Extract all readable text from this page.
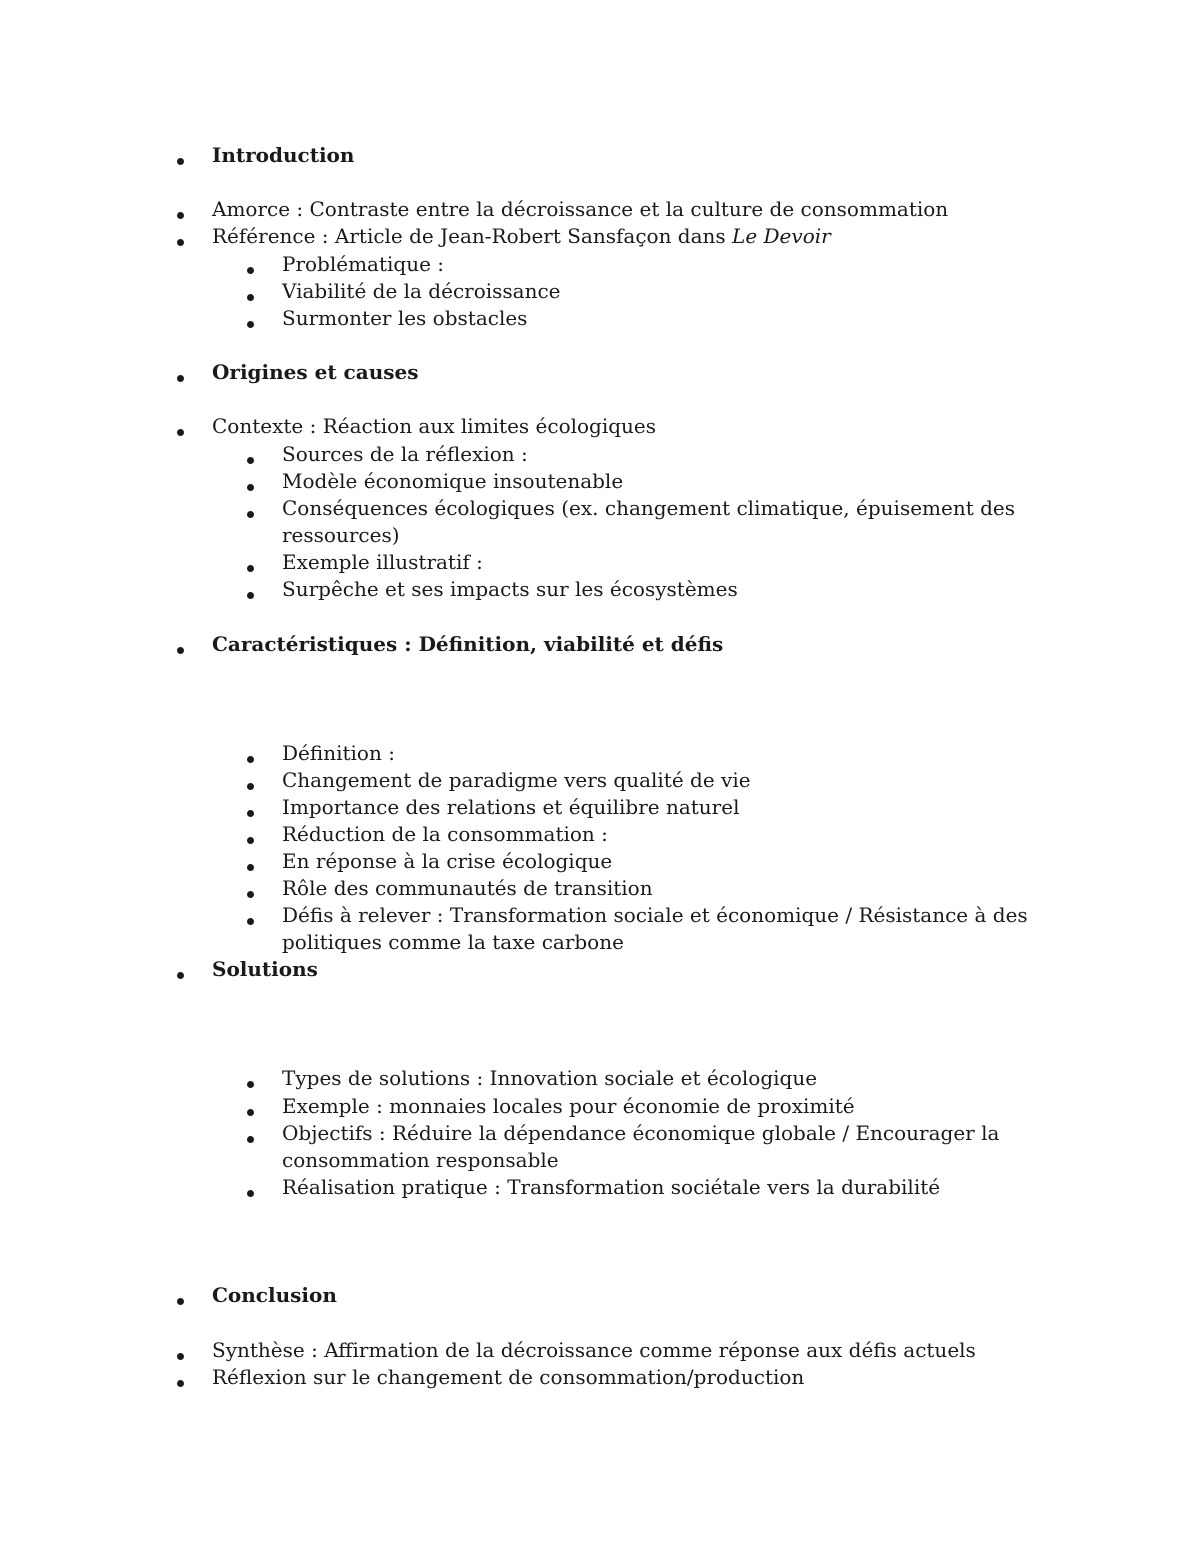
Introduction
Amorce : Contraste entre la décroissance et la culture de consommation
Référence : Article de Jean-Robert Sansfaçon dans Le Devoir
Problématique :
Viabilité de la décroissance
Surmonter les obstacles
Origines et causes
Contexte : Réaction aux limites écologiques
Sources de la réflexion :
Modèle économique insoutenable
Conséquences écologiques (ex. changement climatique, épuisement des
ressources)
Exemple illustratif :
Surpêche et ses impacts sur les écosystèmes
Caractéristiques : Définition, viabilité et défis
Définition :
Changement de paradigme vers qualité de vie
Importance des relations et équilibre naturel
Réduction de la consommation :
En réponse à la crise écologique
Rôle des communautés de transition
Défis à relever : Transformation sociale et économique / Résistance à des
politiques comme la taxe carbone
Solutions
Types de solutions : Innovation sociale et écologique
Exemple : monnaies locales pour économie de proximité
Objectifs : Réduire la dépendance économique globale / Encourager la
consommation responsable
Réalisation pratique : Transformation sociétale vers la durabilité
Conclusion
Synthèse : Affirmation de la décroissance comme réponse aux défis actuels
Réflexion sur le changement de consommation/production
